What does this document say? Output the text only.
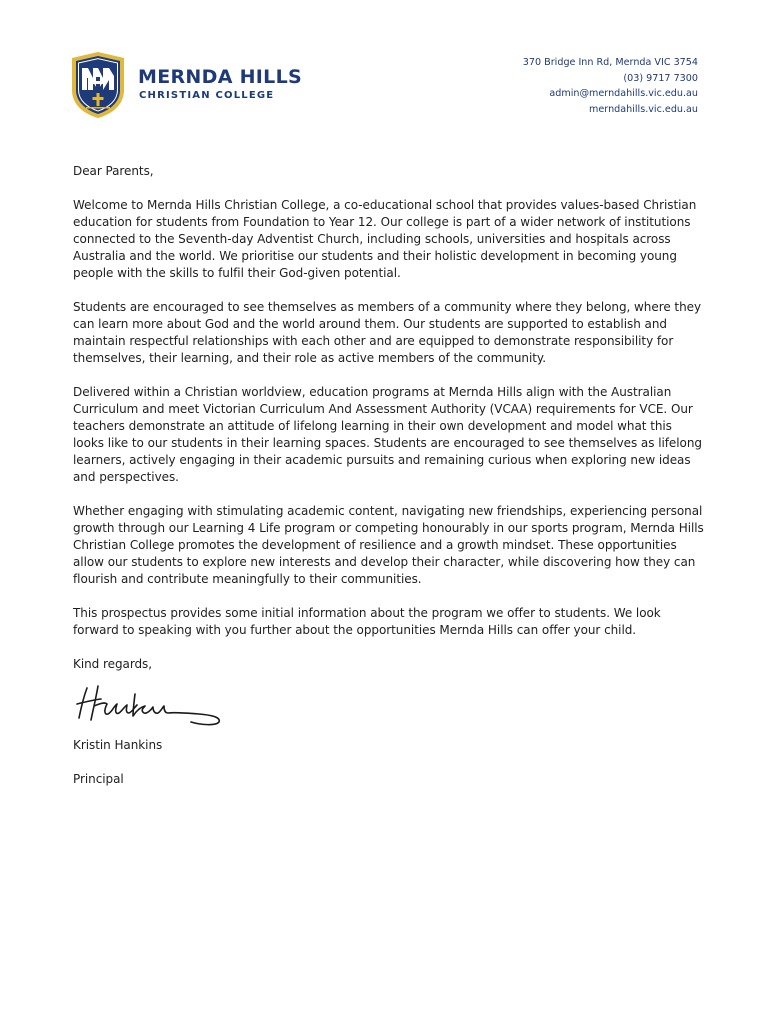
MERNDA HILLS
CHRISTIAN COLLEGE
370 Bridge Inn Rd, Mernda VIC 3754
(03) 9717 7300
admin@merndahills.vic.edu.au
merndahills.vic.edu.au

Dear Parents,

Welcome to Mernda Hills Christian College, a co-educational school that provides values-based Christian education for students from Foundation to Year 12. Our college is part of a wider network of institutions connected to the Seventh-day Adventist Church, including schools, universities and hospitals across Australia and the world. We prioritise our students and their holistic development in becoming young people with the skills to fulfil their God-given potential.

Students are encouraged to see themselves as members of a community where they belong, where they can learn more about God and the world around them. Our students are supported to establish and maintain respectful relationships with each other and are equipped to demonstrate responsibility for themselves, their learning, and their role as active members of the community.

Delivered within a Christian worldview, education programs at Mernda Hills align with the Australian Curriculum and meet Victorian Curriculum And Assessment Authority (VCAA) requirements for VCE. Our teachers demonstrate an attitude of lifelong learning in their own development and model what this looks like to our students in their learning spaces. Students are encouraged to see themselves as lifelong learners, actively engaging in their academic pursuits and remaining curious when exploring new ideas and perspectives.

Whether engaging with stimulating academic content, navigating new friendships, experiencing personal growth through our Learning 4 Life program or competing honourably in our sports program, Mernda Hills Christian College promotes the development of resilience and a growth mindset. These opportunities allow our students to explore new interests and develop their character, while discovering how they can flourish and contribute meaningfully to their communities.

This prospectus provides some initial information about the program we offer to students. We look forward to speaking with you further about the opportunities Mernda Hills can offer your child.

Kind regards,

Kristin Hankins

Principal
